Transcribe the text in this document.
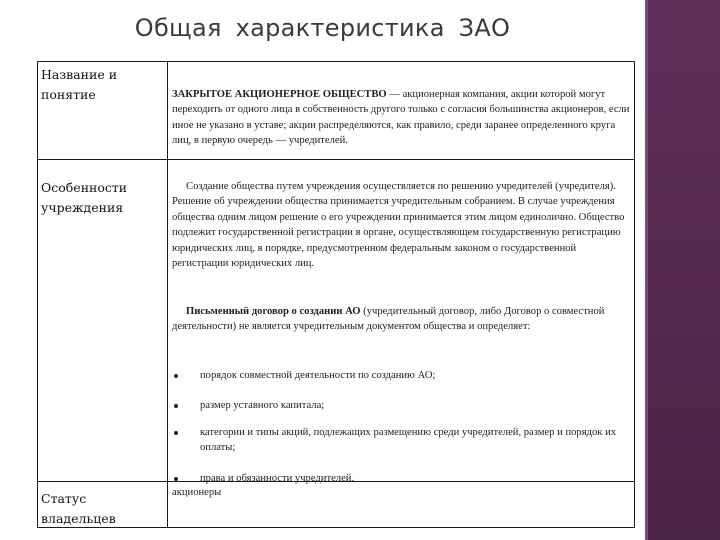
Общая характеристика ЗАО
Название и понятие	ЗАКРЫТОЕ АКЦИОНЕРНОЕ ОБЩЕСТВО — акционерная компания, акции которой могут переходить от одного лица в собственность другого только с согласия большинства акционеров, если иное не указано в уставе; акции распределяются, как правило, среди заранее определенного круга лиц, в первую очередь — учредителей.

Особенности учреждения

Создание общества путем учреждения осуществляется по решению учредителей (учредителя). Решение об учреждении общества принимается учредительным собранием. В случае учреждения общества одним лицом решение о его учреждении принимается этим лицом единолично. Общество подлежит государственной регистрации в органе, осуществляющем государственную регистрацию юридических лиц, в порядке, предусмотренном федеральным законом о государственной регистрации юридических лиц.

Письменный договор о создании АО (учредительный договор, либо Договор о совместной деятельности) не является учредительным документом общества и определяет:

порядок совместной деятельности по созданию АО;
размер уставного капитала;
категории и типы акций, подлежащих размещению среди учредителей, размер и порядок их оплаты;
права и обязанности учредителей.
Статус владельцев
акционеры
